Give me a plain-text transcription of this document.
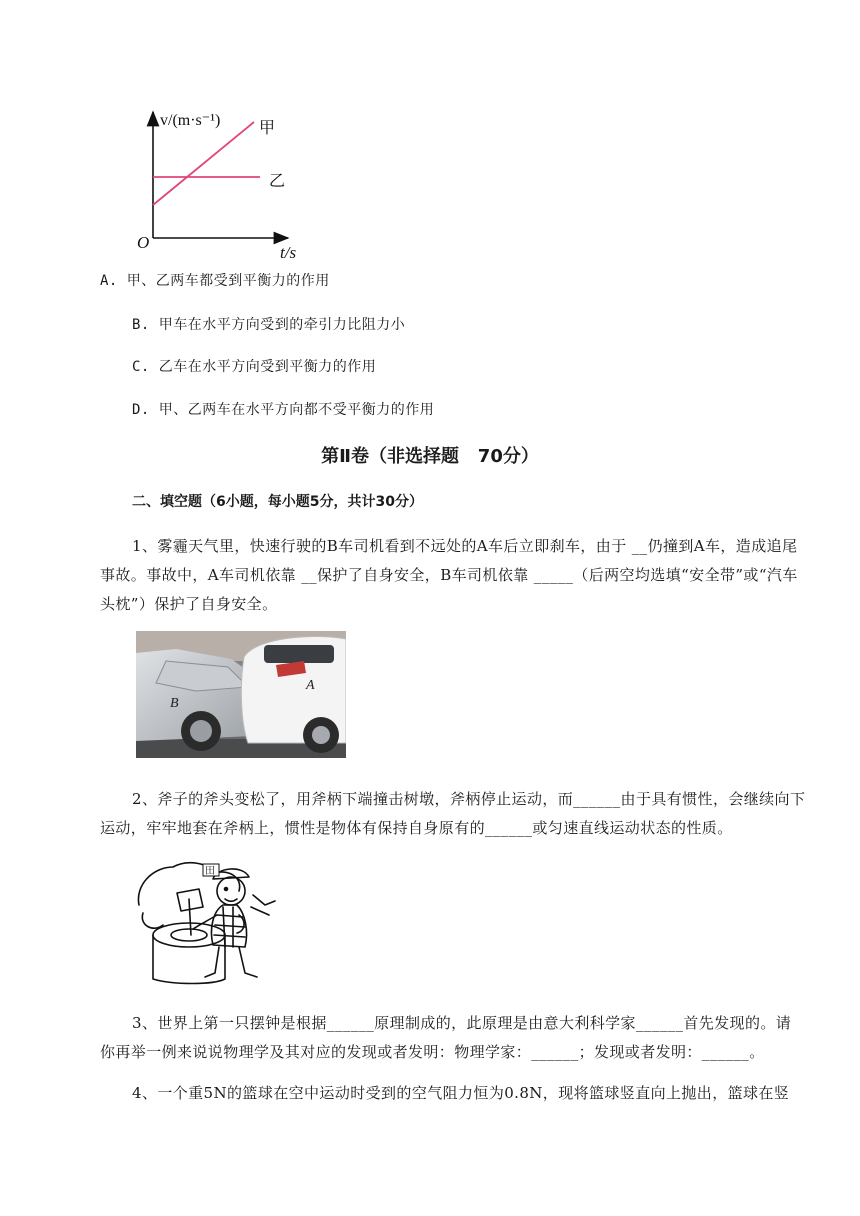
v/(m·s⁻¹)
t/s
O
甲
乙
A. 甲、乙两车都受到平衡力的作用
B. 甲车在水平方向受到的牵引力比阻力小
C. 乙车在水平方向受到平衡力的作用
D. 甲、乙两车在水平方向都不受平衡力的作用
第Ⅱ卷（非选择题   70分）
二、填空题（6小题，每小题5分，共计30分）
1、雾霾天气里，快速行驶的B车司机看到不远处的A车后立即刹车，由于 __仍撞到A车，造成追尾事故。事故中，A车司机依靠 __保护了自身安全，B车司机依靠 _____（后两空均选填“安全带”或“汽车头枕”）保护了自身安全。
A
B
2、斧子的斧头变松了，用斧柄下端撞击树墩，斧柄停止运动，而______由于具有惯性，会继续向下运动，牢牢地套在斧柄上，惯性是物体有保持自身原有的______或匀速直线运动状态的性质。
田
3、世界上第一只摆钟是根据______原理制成的，此原理是由意大利科学家______首先发现的。请你再举一例来说说物理学及其对应的发现或者发明：物理学家：______；发现或者发明：______。
4、一个重5N的篮球在空中运动时受到的空气阻力恒为0.8N，现将篮球竖直向上抛出，篮球在竖
